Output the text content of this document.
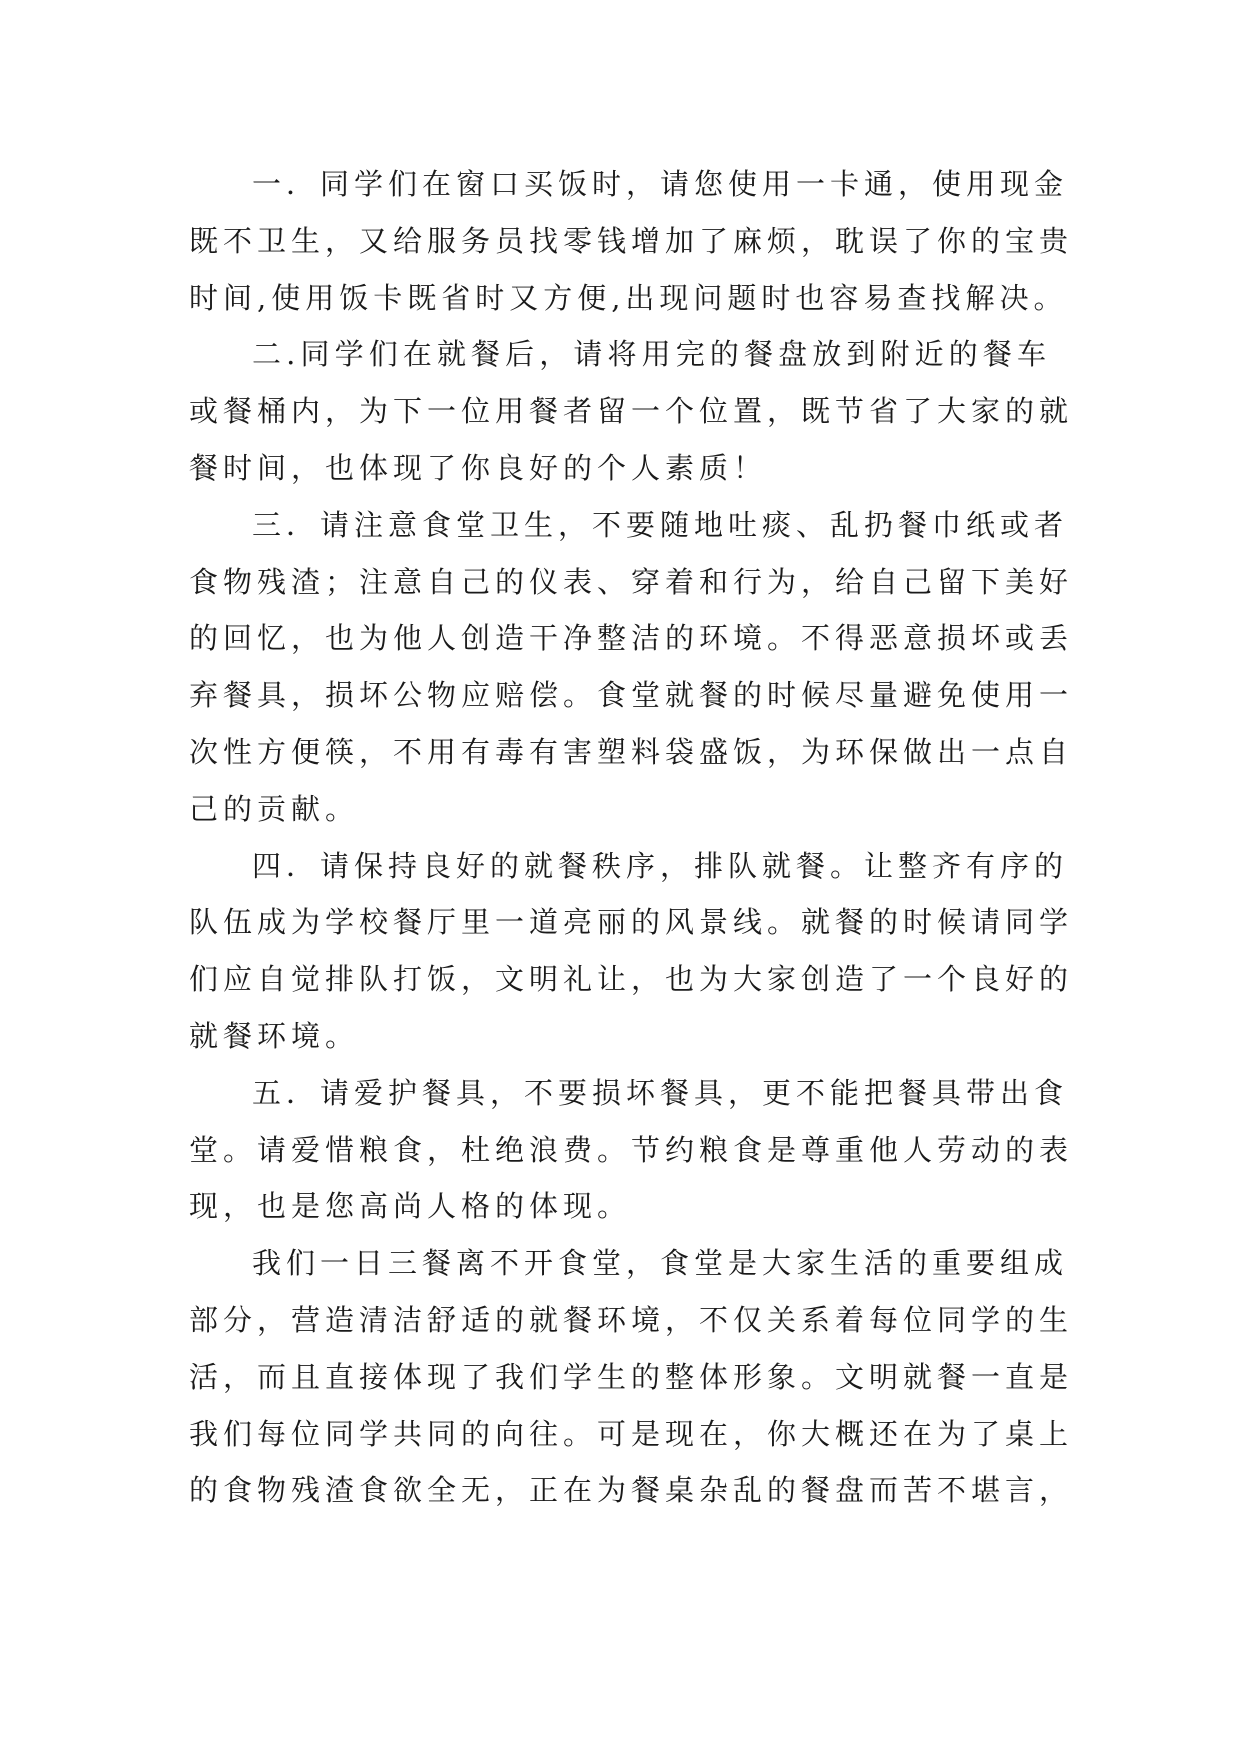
一．同学们在窗口买饭时，请您使用一卡通，使用现金
既不卫生，又给服务员找零钱增加了麻烦，耽误了你的宝贵
时间,使用饭卡既省时又方便,出现问题时也容易查找解决。
二.同学们在就餐后，请将用完的餐盘放到附近的餐车
或餐桶内，为下一位用餐者留一个位置，既节省了大家的就
餐时间，也体现了你良好的个人素质！
三．请注意食堂卫生，不要随地吐痰、乱扔餐巾纸或者
食物残渣；注意自己的仪表、穿着和行为，给自己留下美好
的回忆，也为他人创造干净整洁的环境。不得恶意损坏或丢
弃餐具，损坏公物应赔偿。食堂就餐的时候尽量避免使用一
次性方便筷，不用有毒有害塑料袋盛饭，为环保做出一点自
己的贡献。
四．请保持良好的就餐秩序，排队就餐。让整齐有序的
队伍成为学校餐厅里一道亮丽的风景线。就餐的时候请同学
们应自觉排队打饭，文明礼让，也为大家创造了一个良好的
就餐环境。
五．请爱护餐具，不要损坏餐具，更不能把餐具带出食
堂。请爱惜粮食，杜绝浪费。节约粮食是尊重他人劳动的表
现，也是您高尚人格的体现。
我们一日三餐离不开食堂，食堂是大家生活的重要组成
部分，营造清洁舒适的就餐环境，不仅关系着每位同学的生
活，而且直接体现了我们学生的整体形象。文明就餐一直是
我们每位同学共同的向往。可是现在，你大概还在为了桌上
的食物残渣食欲全无，正在为餐桌杂乱的餐盘而苦不堪言，
